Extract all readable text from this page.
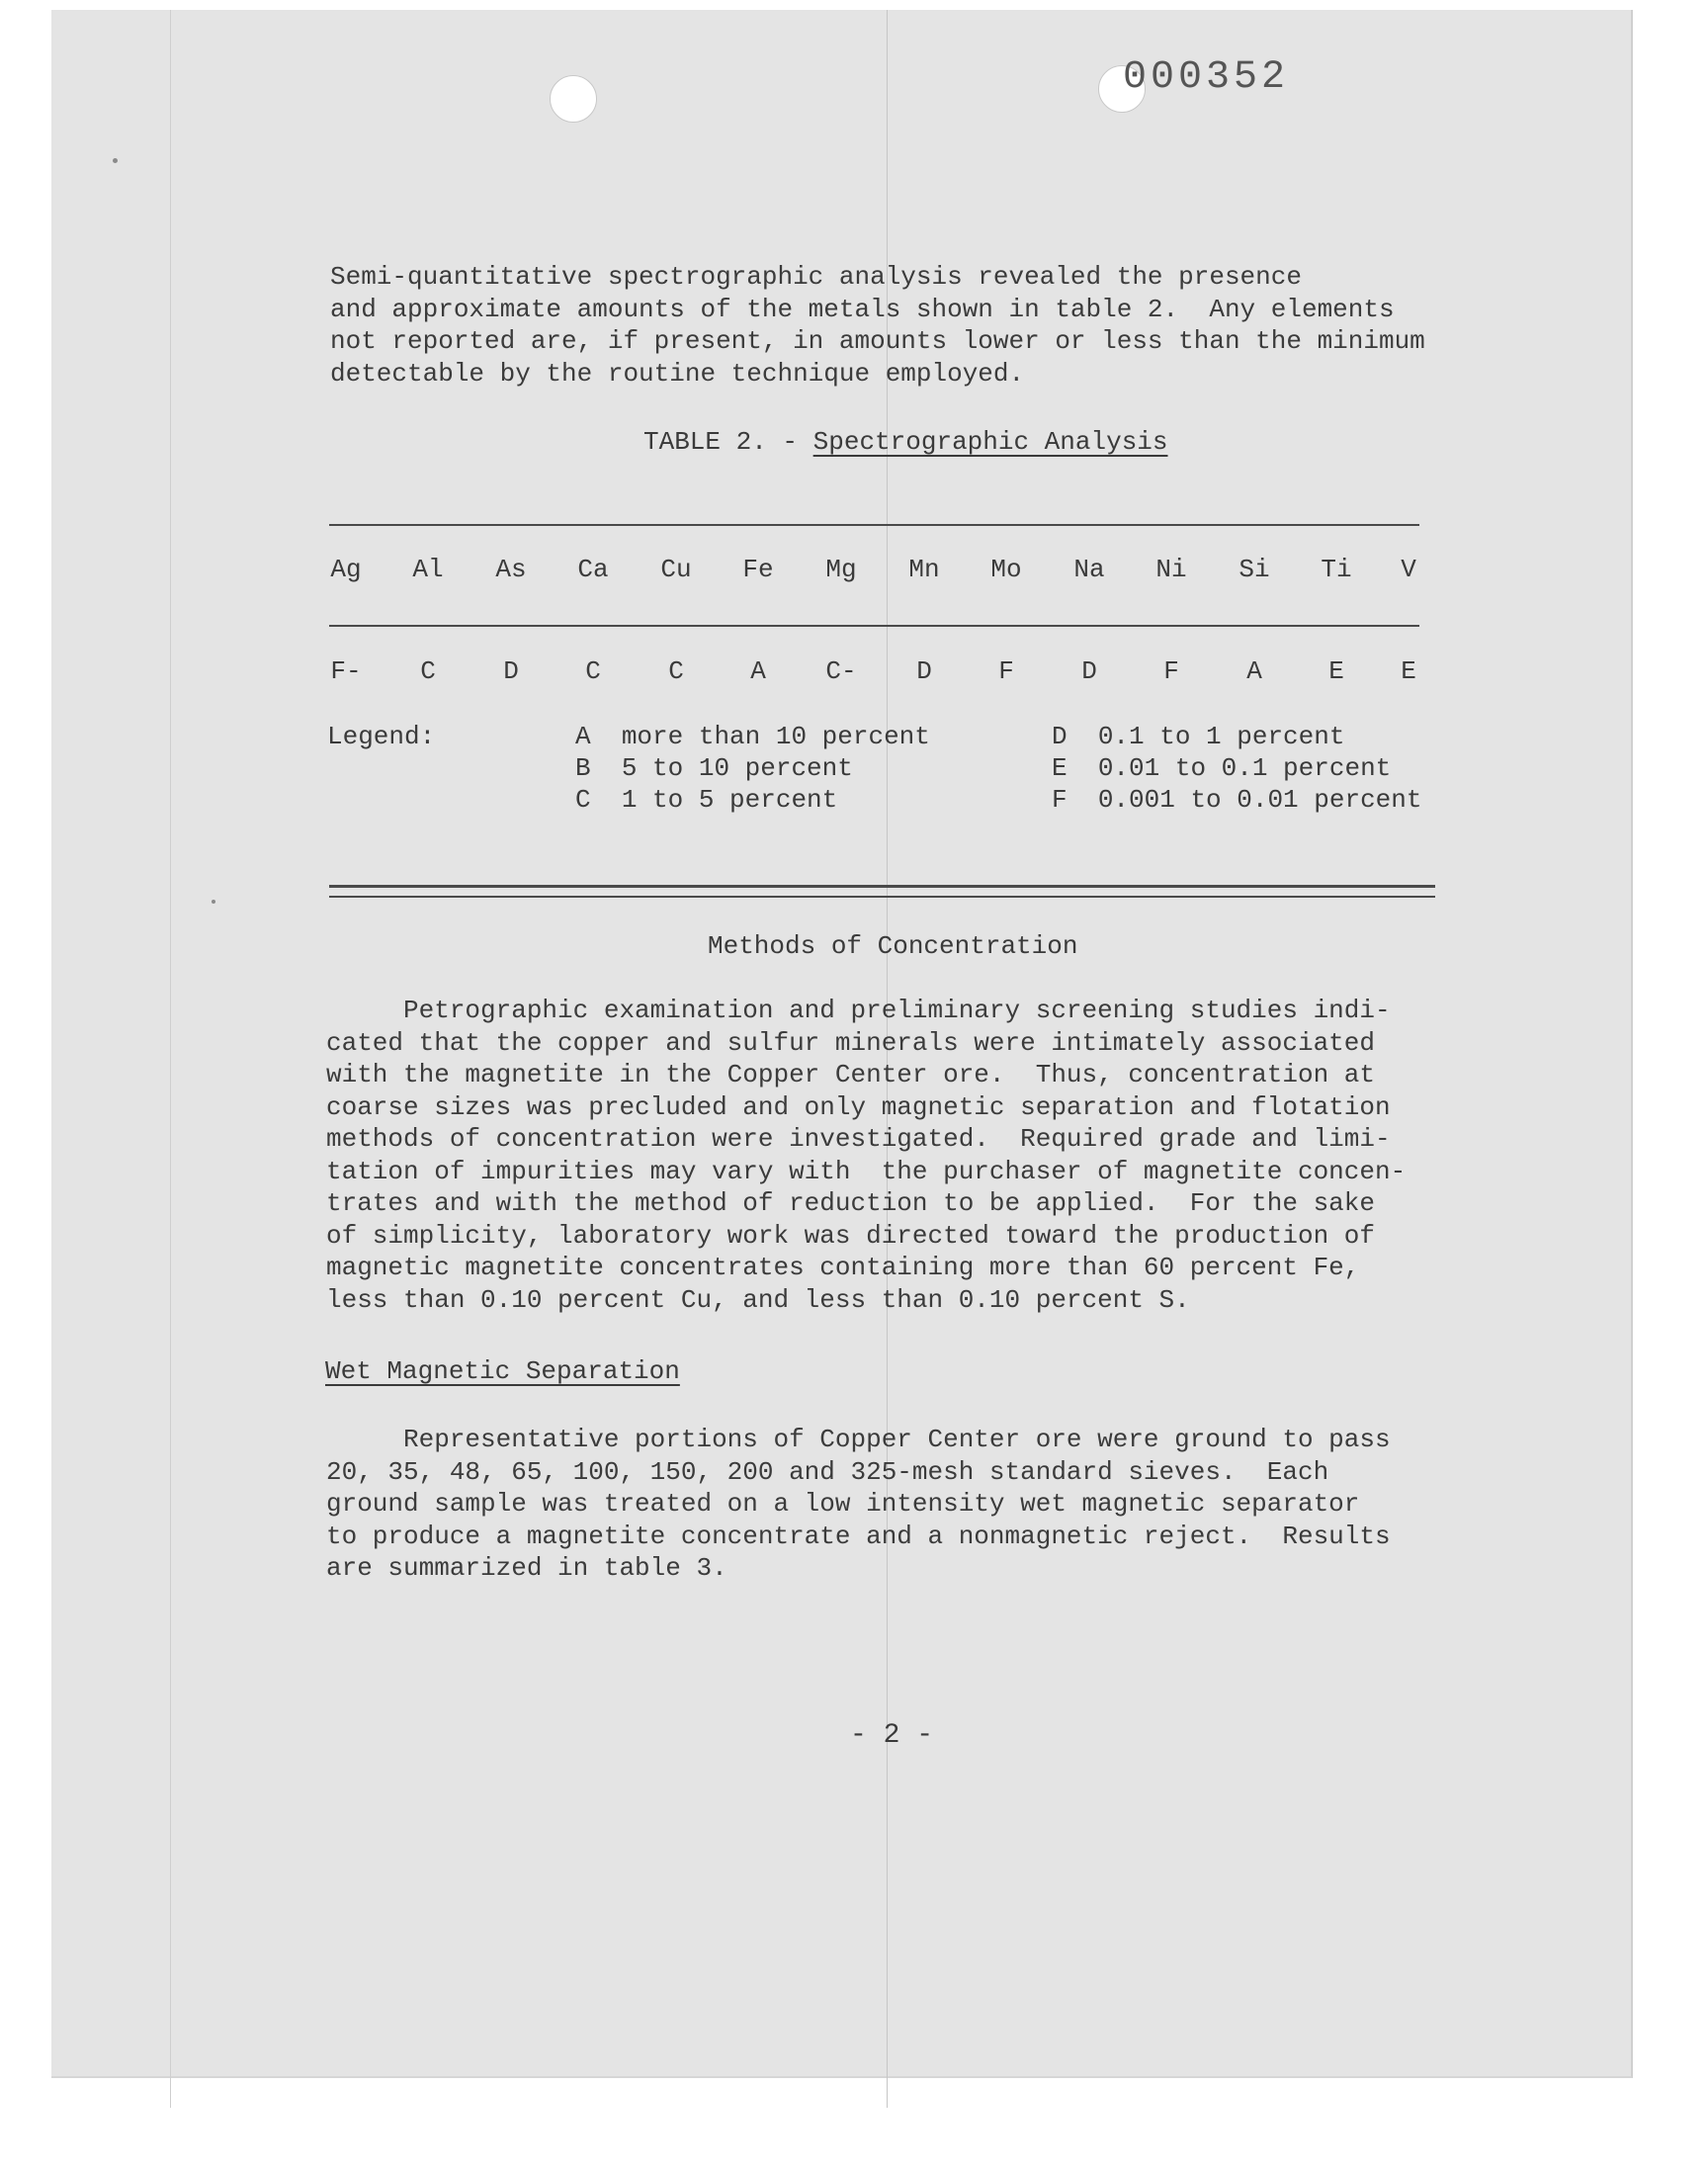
000352
Semi-quantitative spectrographic analysis revealed the presence
and approximate amounts of the metals shown in table 2.  Any elements
not reported are, if present, in amounts lower or less than the minimum
detectable by the routine technique employed.
TABLE 2. - Spectrographic Analysis
Ag	Al	As	Ca	Cu	Fe	Mg	Mn	Mo	Na	Ni	Si	Ti	V
F-	C	D	C	C	A	C-	D	F	D	F	A	E	E
Legend:	A more than 10 percent
B 5 to 10 percent
C 1 to 5 percent
D 0.1 to 1 percent
E 0.01 to 0.1 percent
F 0.001 to 0.01 percent
Methods of Concentration
Petrographic examination and preliminary screening studies indi-
cated that the copper and sulfur minerals were intimately associated
with the magnetite in the Copper Center ore.  Thus, concentration at
coarse sizes was precluded and only magnetic separation and flotation
methods of concentration were investigated.  Required grade and limi-
tation of impurities may vary with  the purchaser of magnetite concen-
trates and with the method of reduction to be applied.  For the sake
of simplicity, laboratory work was directed toward the production of
magnetic magnetite concentrates containing more than 60 percent Fe,
less than 0.10 percent Cu, and less than 0.10 percent S.
Wet Magnetic Separation
Representative portions of Copper Center ore were ground to pass
20, 35, 48, 65, 100, 150, 200 and 325-mesh standard sieves.  Each
ground sample was treated on a low intensity wet magnetic separator
to produce a magnetite concentrate and a nonmagnetic reject.  Results
are summarized in table 3.
- 2 -
